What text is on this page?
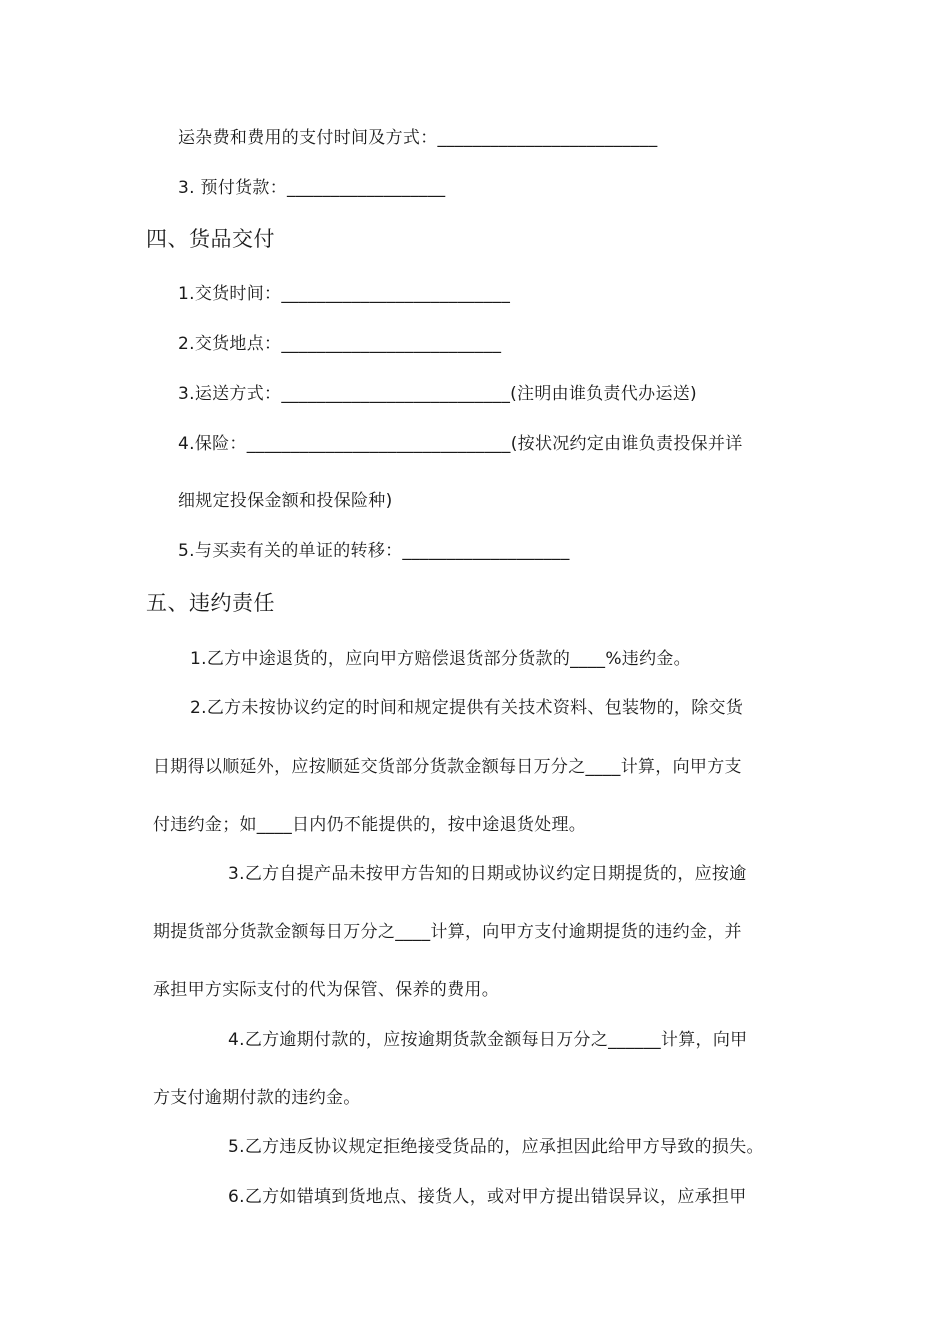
运杂费和费用的支付时间及方式：_________________________
3. 预付货款：__________________
四、货品交付
1.交货时间：__________________________
2.交货地点：_________________________
3.运送方式：__________________________(注明由谁负责代办运送)
4.保险：______________________________(按状况约定由谁负责投保并详
细规定投保金额和投保险种)
5.与买卖有关的单证的转移：___________________
五、违约责任
1.乙方中途退货的，应向甲方赔偿退货部分货款的____%违约金。
2.乙方未按协议约定的时间和规定提供有关技术资料、包装物的，除交货
日期得以顺延外，应按顺延交货部分货款金额每日万分之____计算，向甲方支
付违约金；如____日内仍不能提供的，按中途退货处理。
3.乙方自提产品未按甲方告知的日期或协议约定日期提货的，应按逾
期提货部分货款金额每日万分之____计算，向甲方支付逾期提货的违约金，并
承担甲方实际支付的代为保管、保养的费用。
4.乙方逾期付款的，应按逾期货款金额每日万分之______计算，向甲
方支付逾期付款的违约金。
5.乙方违反协议规定拒绝接受货品的，应承担因此给甲方导致的损失。
6.乙方如错填到货地点、接货人，或对甲方提出错误异议，应承担甲
